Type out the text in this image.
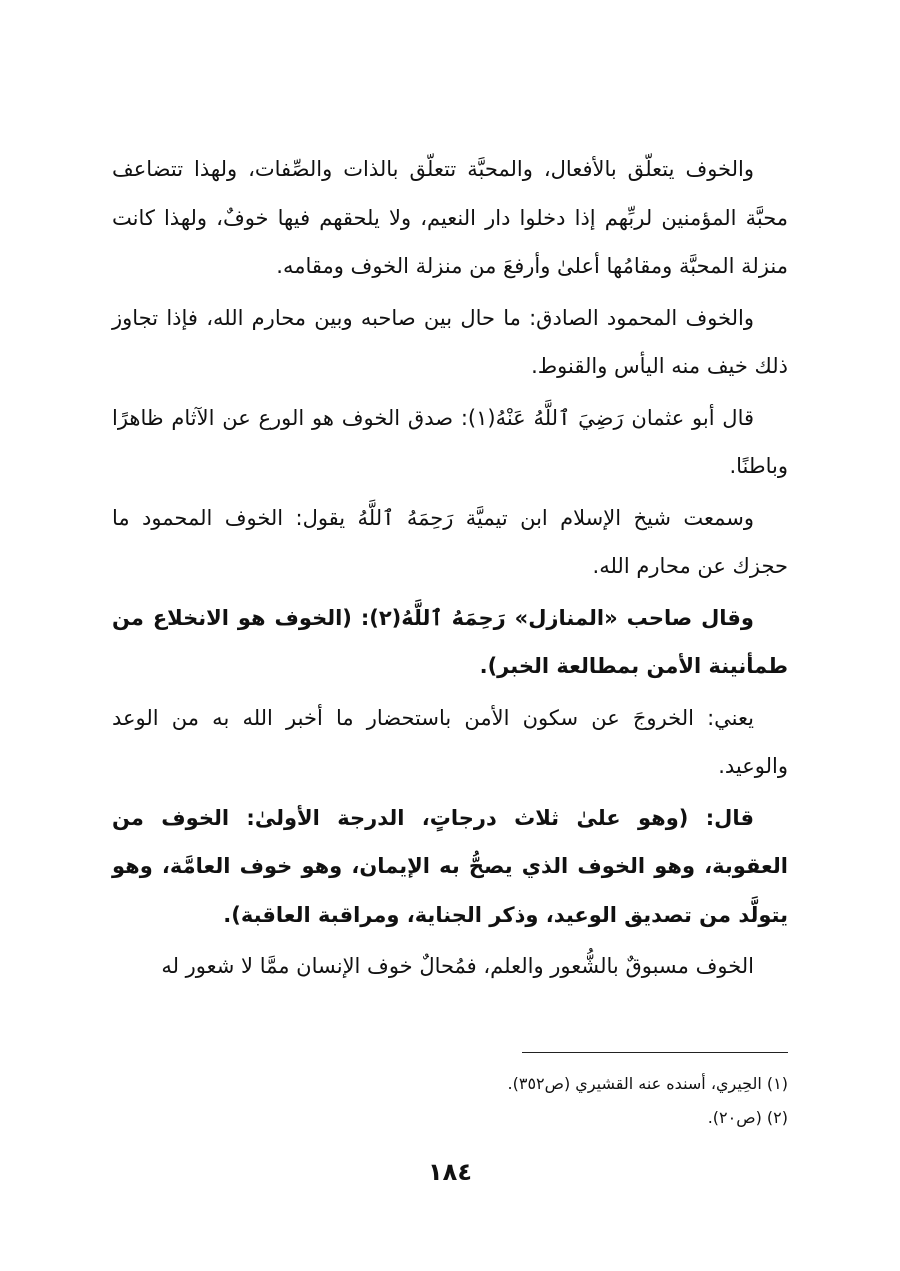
والخوف يتعلّق بالأفعال، والمحبَّة تتعلّق بالذات والصِّفات، ولهذا تتضاعف محبَّة المؤمنين لربِّهم إذا دخلوا دار النعيم، ولا يلحقهم فيها خوفٌ، ولهذا كانت منزلة المحبَّة ومقامُها أعلىٰ وأرفعَ من منزلة الخوف ومقامه.

والخوف المحمود الصادق: ما حال بين صاحبه وبين محارم الله، فإذا تجاوز ذلك خيف منه اليأس والقنوط.

قال أبو عثمان رَضِيَ ٱللَّهُ عَنْهُ(١): صدق الخوف هو الورع عن الآثام ظاهرًا وباطنًا.

وسمعت شيخ الإسلام ابن تيميَّة رَحِمَهُ ٱللَّهُ يقول: الخوف المحمود ما حجزك عن محارم الله.

وقال صاحب «المنازل» رَحِمَهُ ٱللَّهُ(٢): (الخوف هو الانخلاع من طمأنينة الأمن بمطالعة الخبر).

يعني: الخروجَ عن سكون الأمن باستحضار ما أخبر الله به من الوعد والوعيد.

قال: (وهو علىٰ ثلاث درجاتٍ، الدرجة الأولىٰ: الخوف من العقوبة، وهو الخوف الذي يصحُّ به الإيمان، وهو خوف العامَّة، وهو يتولَّد من تصديق الوعيد، وذكر الجناية، ومراقبة العاقبة).

الخوف مسبوقٌ بالشُّعور والعلم، فمُحالٌ خوف الإنسان ممَّا لا شعور له

(١) الحِيري، أسنده عنه القشيري (ص٣٥٢).

(٢) (ص٢٠).

١٨٤
